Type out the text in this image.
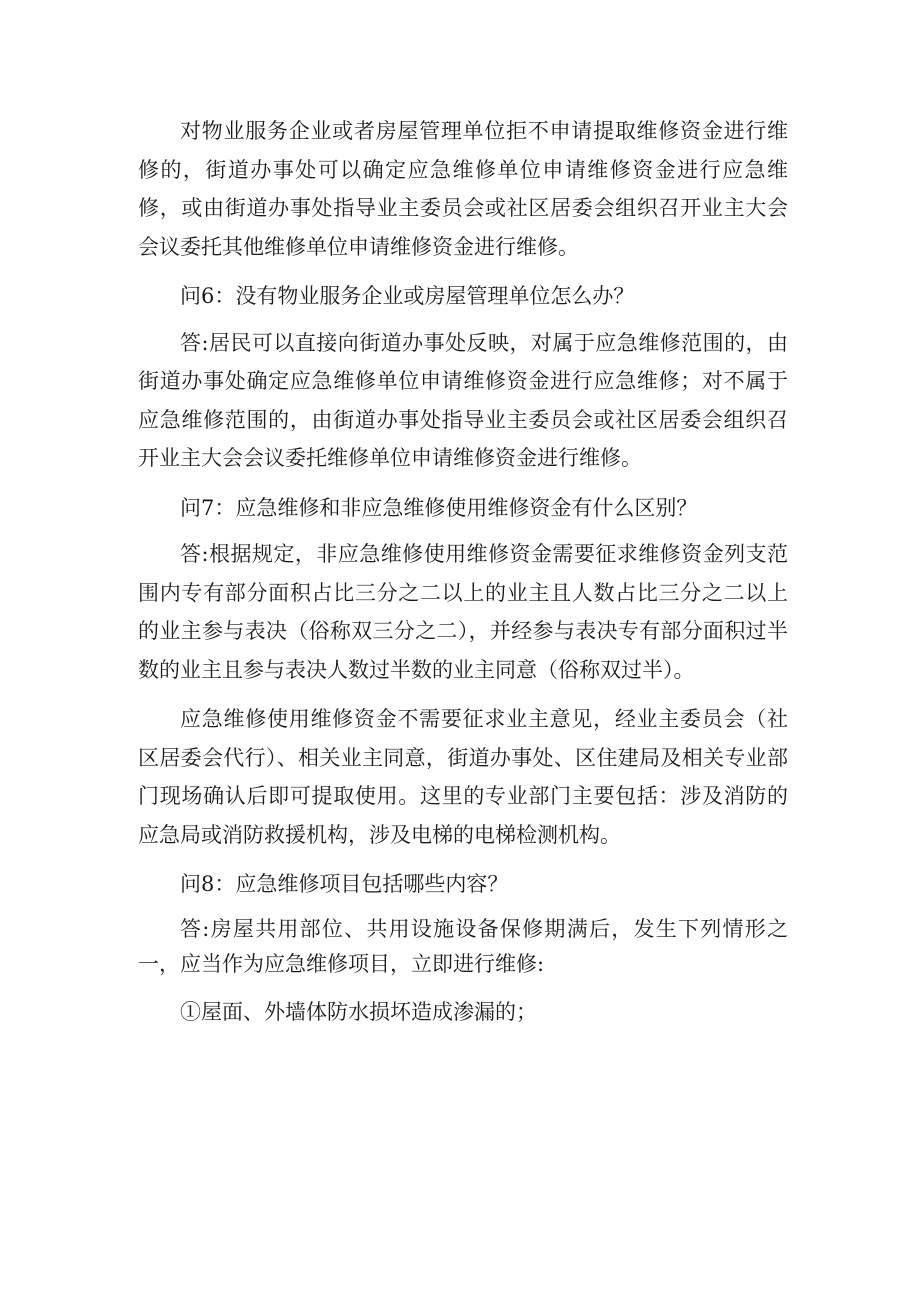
对物业服务企业或者房屋管理单位拒不申请提取维修资金进行维修的，街道办事处可以确定应急维修单位申请维修资金进行应急维修，或由街道办事处指导业主委员会或社区居委会组织召开业主大会会议委托其他维修单位申请维修资金进行维修。

问6：没有物业服务企业或房屋管理单位怎么办？

答:居民可以直接向街道办事处反映，对属于应急维修范围的，由街道办事处确定应急维修单位申请维修资金进行应急维修；对不属于应急维修范围的，由街道办事处指导业主委员会或社区居委会组织召开业主大会会议委托维修单位申请维修资金进行维修。

问7：应急维修和非应急维修使用维修资金有什么区别？

答:根据规定，非应急维修使用维修资金需要征求维修资金列支范围内专有部分面积占比三分之二以上的业主且人数占比三分之二以上的业主参与表决（俗称双三分之二），并经参与表决专有部分面积过半数的业主且参与表决人数过半数的业主同意（俗称双过半）。

应急维修使用维修资金不需要征求业主意见，经业主委员会（社区居委会代行）、相关业主同意，街道办事处、区住建局及相关专业部门现场确认后即可提取使用。这里的专业部门主要包括：涉及消防的应急局或消防救援机构，涉及电梯的电梯检测机构。

问8：应急维修项目包括哪些内容？

答:房屋共用部位、共用设施设备保修期满后，发生下列情形之一，应当作为应急维修项目，立即进行维修:

①屋面、外墙体防水损坏造成渗漏的；
